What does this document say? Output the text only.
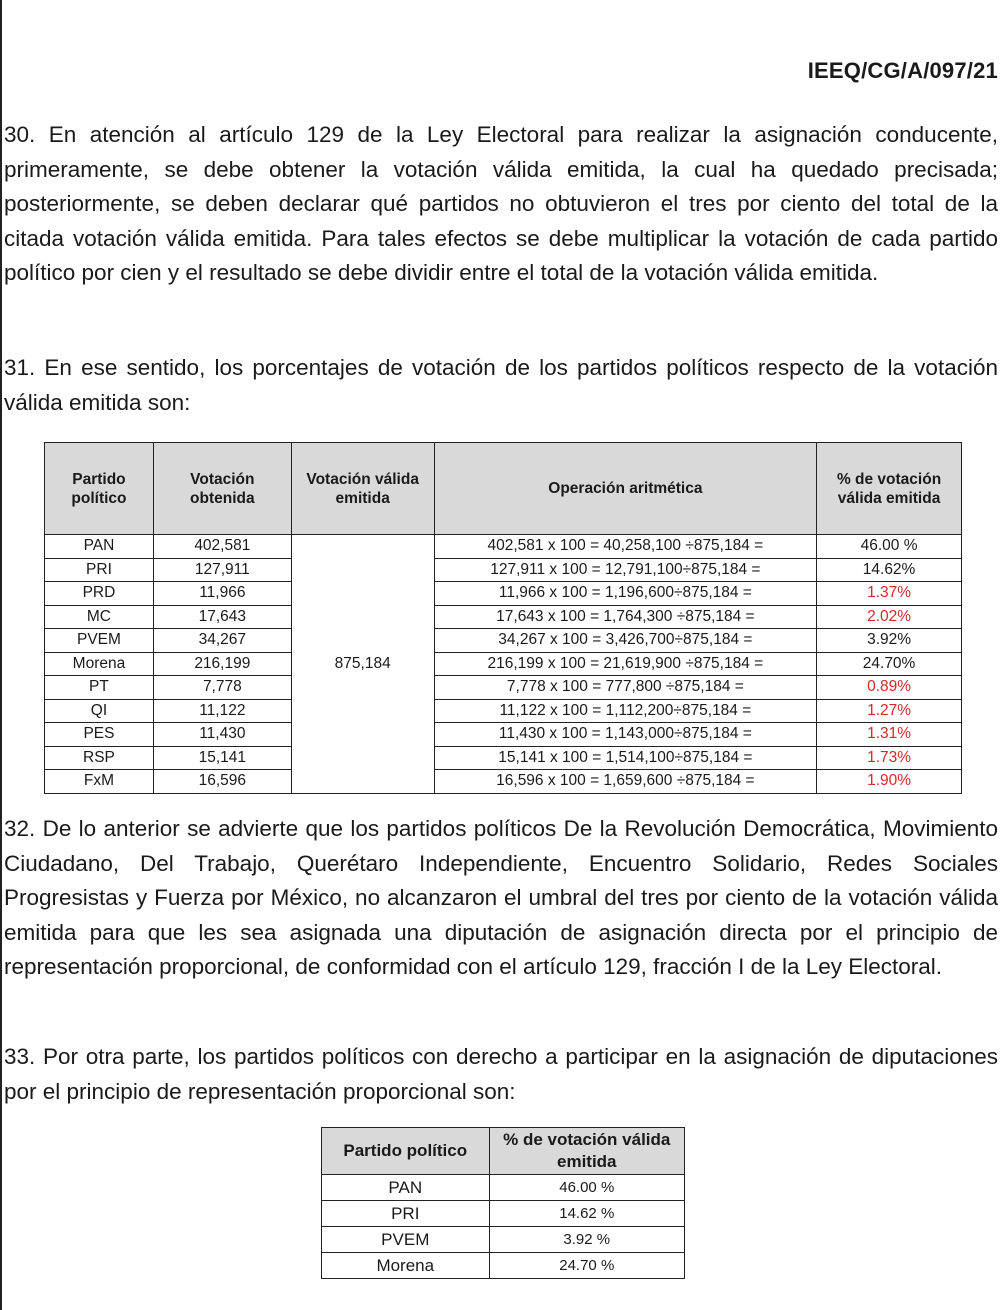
IEEQ/CG/A/097/21

30. En atención al artículo 129 de la Ley Electoral para realizar la asignación conducente, primeramente, se debe obtener la votación válida emitida, la cual ha quedado precisada; posteriormente, se deben declarar qué partidos no obtuvieron el tres por ciento del total de la citada votación válida emitida. Para tales efectos se debe multiplicar la votación de cada partido político por cien y el resultado se debe dividir entre el total de la votación válida emitida.

31. En ese sentido, los porcentajes de votación de los partidos políticos respecto de la votación válida emitida son:

Partido político	Votación obtenida	Votación válida emitida	Operación aritmética	% de votación válida emitida
PAN	402,581	875,184	402,581 x 100 = 40,258,100 ÷875,184 =	46.00 %
PRI	127,911		127,911 x 100 = 12,791,100÷875,184 =	14.62%
PRD	11,966		11,966 x 100 = 1,196,600÷875,184 =	1.37%
MC	17,643		17,643 x 100 = 1,764,300 ÷875,184 =	2.02%
PVEM	34,267		34,267 x 100 = 3,426,700÷875,184 =	3.92%
Morena	216,199		216,199 x 100 = 21,619,900 ÷875,184 =	24.70%
PT	7,778		7,778 x 100 = 777,800 ÷875,184 =	0.89%
QI	11,122		11,122 x 100 = 1,112,200÷875,184 =	1.27%
PES	11,430		11,430 x 100 = 1,143,000÷875,184 =	1.31%
RSP	15,141		15,141 x 100 = 1,514,100÷875,184 =	1.73%
FxM	16,596		16,596 x 100 = 1,659,600 ÷875,184 =	1.90%

32. De lo anterior se advierte que los partidos políticos De la Revolución Democrática, Movimiento Ciudadano, Del Trabajo, Querétaro Independiente, Encuentro Solidario, Redes Sociales Progresistas y Fuerza por México, no alcanzaron el umbral del tres por ciento de la votación válida emitida para que les sea asignada una diputación de asignación directa por el principio de representación proporcional, de conformidad con el artículo 129, fracción I de la Ley Electoral.

33. Por otra parte, los partidos políticos con derecho a participar en la asignación de diputaciones por el principio de representación proporcional son:

Partido político	% de votación válida emitida
PAN	46.00 %
PRI	14.62 %
PVEM	3.92 %
Morena	24.70 %
